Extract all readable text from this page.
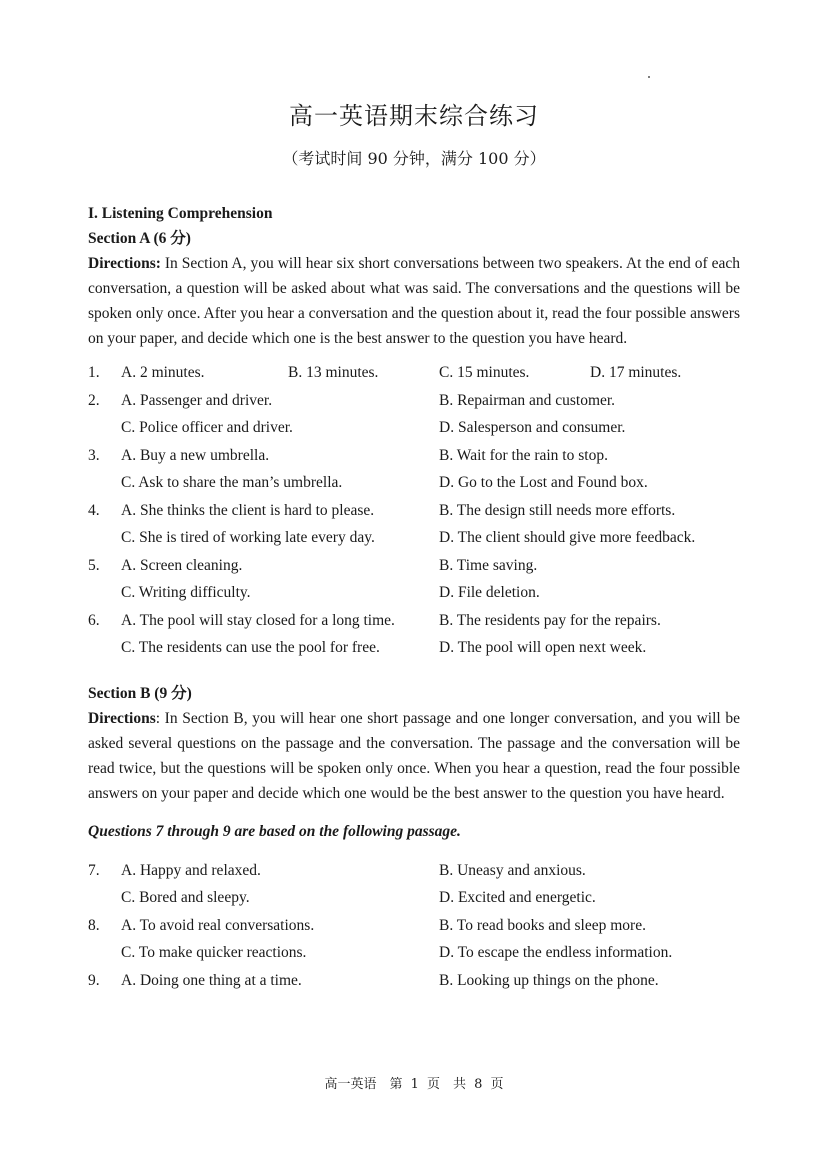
高一英语期末综合练习
（考试时间 90 分钟，满分 100 分）
I. Listening Comprehension
Section A (6 分)
Directions: In Section A, you will hear six short conversations between two speakers. At the end of each conversation, a question will be asked about what was said. The conversations and the questions will be spoken only once. After you hear a conversation and the question about it, read the four possible answers on your paper, and decide which one is the best answer to the question you have heard.
1. A. 2 minutes.	B. 13 minutes.	C. 15 minutes.	D. 17 minutes.
2. A. Passenger and driver.	B. Repairman and customer.
C. Police officer and driver.	D. Salesperson and consumer.
3. A. Buy a new umbrella.	B. Wait for the rain to stop.
C. Ask to share the man’s umbrella.	D. Go to the Lost and Found box.
4. A. She thinks the client is hard to please.	B. The design still needs more efforts.
C. She is tired of working late every day.	D. The client should give more feedback.
5. A. Screen cleaning.	B. Time saving.
C. Writing difficulty.	D. File deletion.
6. A. The pool will stay closed for a long time.	B. The residents pay for the repairs.
C. The residents can use the pool for free.	D. The pool will open next week.
Section B (9 分)
Directions: In Section B, you will hear one short passage and one longer conversation, and you will be asked several questions on the passage and the conversation. The passage and the conversation will be read twice, but the questions will be spoken only once. When you hear a question, read the four possible answers on your paper and decide which one would be the best answer to the question you have heard.
Questions 7 through 9 are based on the following passage.
7. A. Happy and relaxed.	B. Uneasy and anxious.
C. Bored and sleepy.	D. Excited and energetic.
8. A. To avoid real conversations.	B. To read books and sleep more.
C. To make quicker reactions.	D. To escape the endless information.
9. A. Doing one thing at a time.	B. Looking up things on the phone.
高一英语　第 1 页　共 8 页
